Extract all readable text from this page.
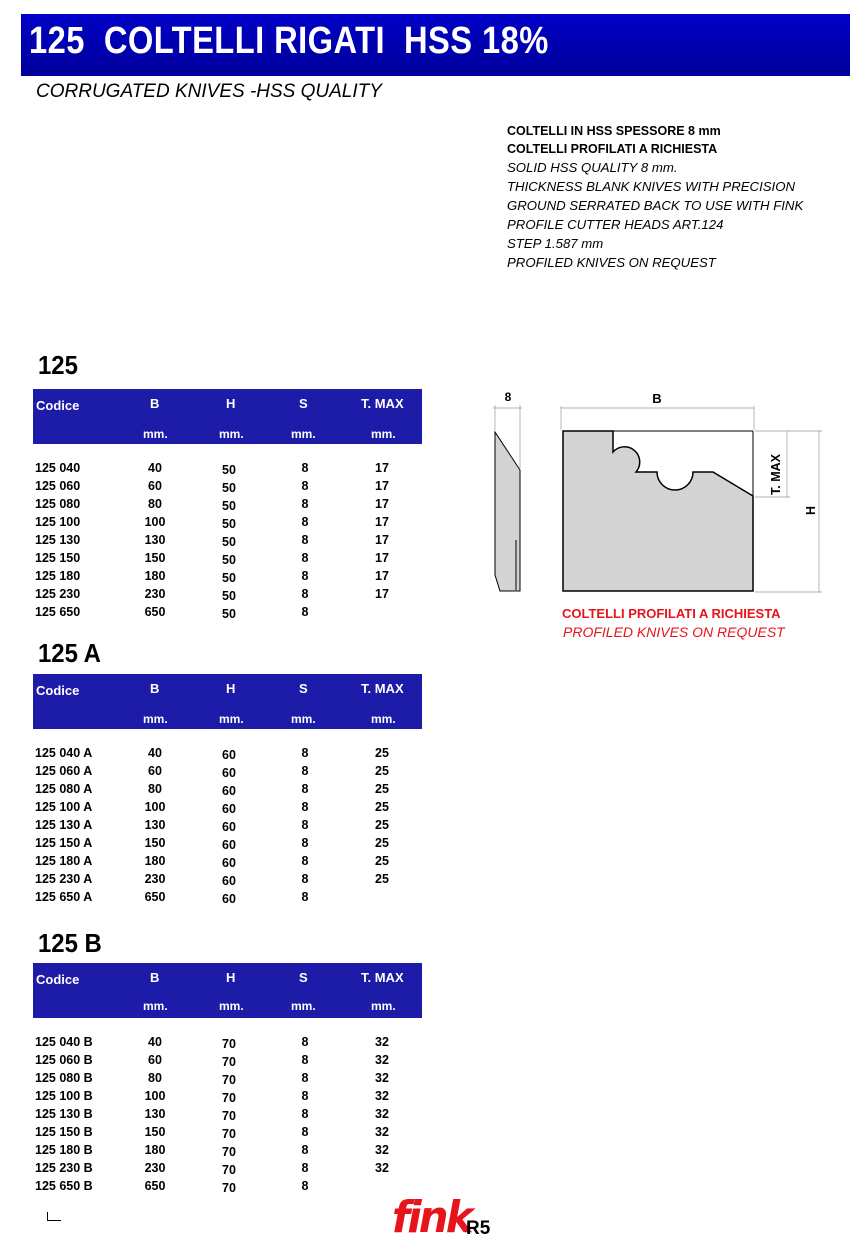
125  COLTELLI RIGATI  HSS 18%
CORRUGATED KNIVES -HSS QUALITY
COLTELLI IN HSS SPESSORE 8 mm
COLTELLI PROFILATI A RICHIESTA
SOLID HSS QUALITY 8 mm.
THICKNESS BLANK KNIVES WITH PRECISION
GROUND SERRATED BACK TO USE WITH FINK
PROFILE CUTTER HEADS ART.124
STEP 1.587 mm
PROFILED KNIVES ON REQUEST
125
Codice	B	H	S	T. MAX
mm.	mm.	mm.	mm.
125 A
Codice	B	H	S	T. MAX
mm.	mm.	mm.	mm.
125 B
Codice	B	H	S	T. MAX
mm.	mm.	mm.	mm.
8	B
T. MAX
H
COLTELLI PROFILATI A RICHIESTA
PROFILED KNIVES ON REQUEST
fink
R5
125 040	40	50	8	17
125 060	60	50	8	17
125 080	80	50	8	17
125 100	100	50	8	17
125 130	130	50	8	17
125 150	150	50	8	17
125 180	180	50	8	17
125 230	230	50	8	17
125 650	650	50	8
125 040 A	40	60	8	25
125 060 A	60	60	8	25
125 080 A	80	60	8	25
125 100 A	100	60	8	25
125 130 A	130	60	8	25
125 150 A	150	60	8	25
125 180 A	180	60	8	25
125 230 A	230	60	8	25
125 650 A	650	60	8
125 040 B	40	70	8	32
125 060 B	60	70	8	32
125 080 B	80	70	8	32
125 100 B	100	70	8	32
125 130 B	130	70	8	32
125 150 B	150	70	8	32
125 180 B	180	70	8	32
125 230 B	230	70	8	32
125 650 B	650	70	8
